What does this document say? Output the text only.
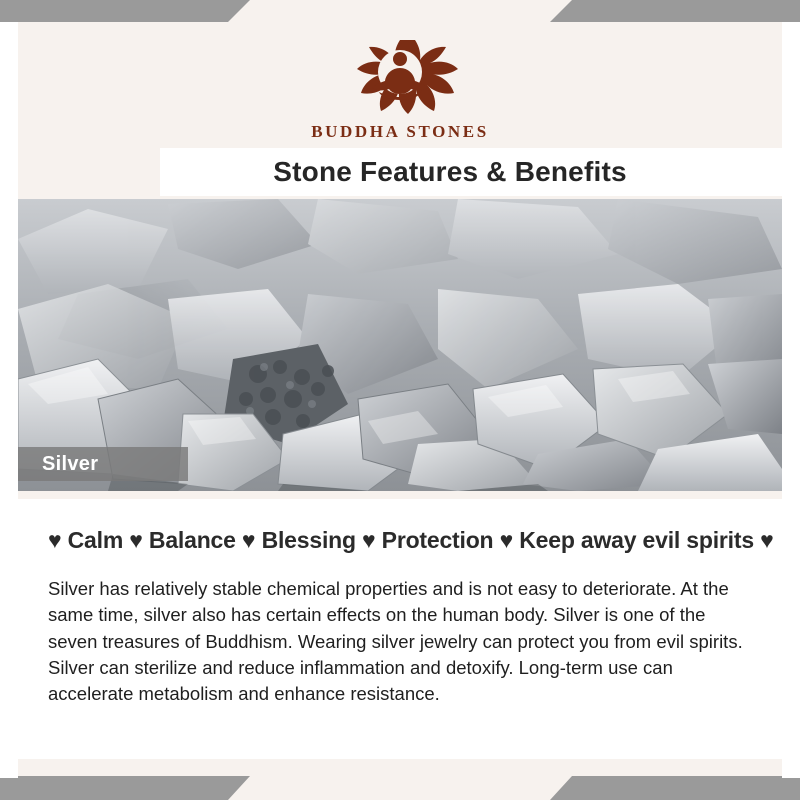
BUDDHA STONES
Stone Features & Benefits
Silver
♥ Calm ♥ Balance ♥ Blessing ♥ Protection ♥ Keep away evil spirits ♥
Silver has relatively stable chemical properties and is not easy to deteriorate. At the same time, silver also has certain effects on the human body. Silver is one of the seven treasures of Buddhism. Wearing silver jewelry can protect you from evil spirits. Silver can sterilize and reduce inflammation and detoxify. Long-term use can accelerate metabolism and enhance resistance.
